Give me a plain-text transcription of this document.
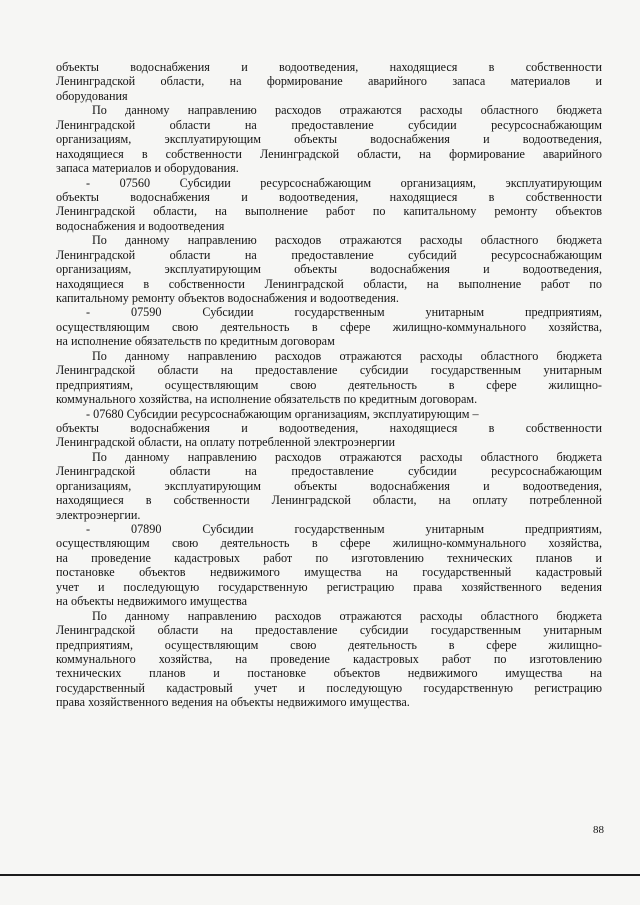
объекты водоснабжения и водоотведения, находящиеся в собственности
Ленинградской области, на формирование аварийного запаса материалов и
оборудования
По данному направлению расходов отражаются расходы областного бюджета
Ленинградской области на предоставление субсидии ресурсоснабжающим
организациям, эксплуатирующим объекты водоснабжения и водоотведения,
находящиеся в собственности Ленинградской области, на формирование аварийного
запаса материалов и оборудования.
- 07560 Субсидии ресурсоснабжающим организациям, эксплуатирующим
объекты водоснабжения и водоотведения, находящиеся в собственности
Ленинградской области, на выполнение работ по капитальному ремонту объектов
водоснабжения и водоотведения
По данному направлению расходов отражаются расходы областного бюджета
Ленинградской области на предоставление субсидий ресурсоснабжающим
организациям, эксплуатирующим объекты водоснабжения и водоотведения,
находящиеся в собственности Ленинградской области, на выполнение работ по
капитальному ремонту объектов водоснабжения и водоотведения.
- 07590 Субсидии государственным унитарным предприятиям,
осуществляющим свою деятельность в сфере жилищно-коммунального хозяйства,
на исполнение обязательств по кредитным договорам
По данному направлению расходов отражаются расходы областного бюджета
Ленинградской области на предоставление субсидии государственным унитарным
предприятиям, осуществляющим свою деятельность в сфере жилищно-
коммунального хозяйства, на исполнение обязательств по кредитным договорам.
- 07680 Субсидии ресурсоснабжающим организациям, эксплуатирующим –
объекты водоснабжения и водоотведения, находящиеся в собственности
Ленинградской области, на оплату потребленной электроэнергии
По данному направлению расходов отражаются расходы областного бюджета
Ленинградской области на предоставление субсидии ресурсоснабжающим
организациям, эксплуатирующим объекты водоснабжения и водоотведения,
находящиеся в собственности Ленинградской области, на оплату потребленной
электроэнергии.
- 07890 Субсидии государственным унитарным предприятиям,
осуществляющим свою деятельность в сфере жилищно-коммунального хозяйства,
на проведение кадастровых работ по изготовлению технических планов и
постановке объектов недвижимого имущества на государственный кадастровый
учет и последующую государственную регистрацию права хозяйственного ведения
на объекты недвижимого имущества
По данному направлению расходов отражаются расходы областного бюджета
Ленинградской области на предоставление субсидии государственным унитарным
предприятиям, осуществляющим свою деятельность в сфере жилищно-
коммунального хозяйства, на проведение кадастровых работ по изготовлению
технических планов и постановке объектов недвижимого имущества на
государственный кадастровый учет и последующую государственную регистрацию
права хозяйственного ведения на объекты недвижимого имущества.
88
